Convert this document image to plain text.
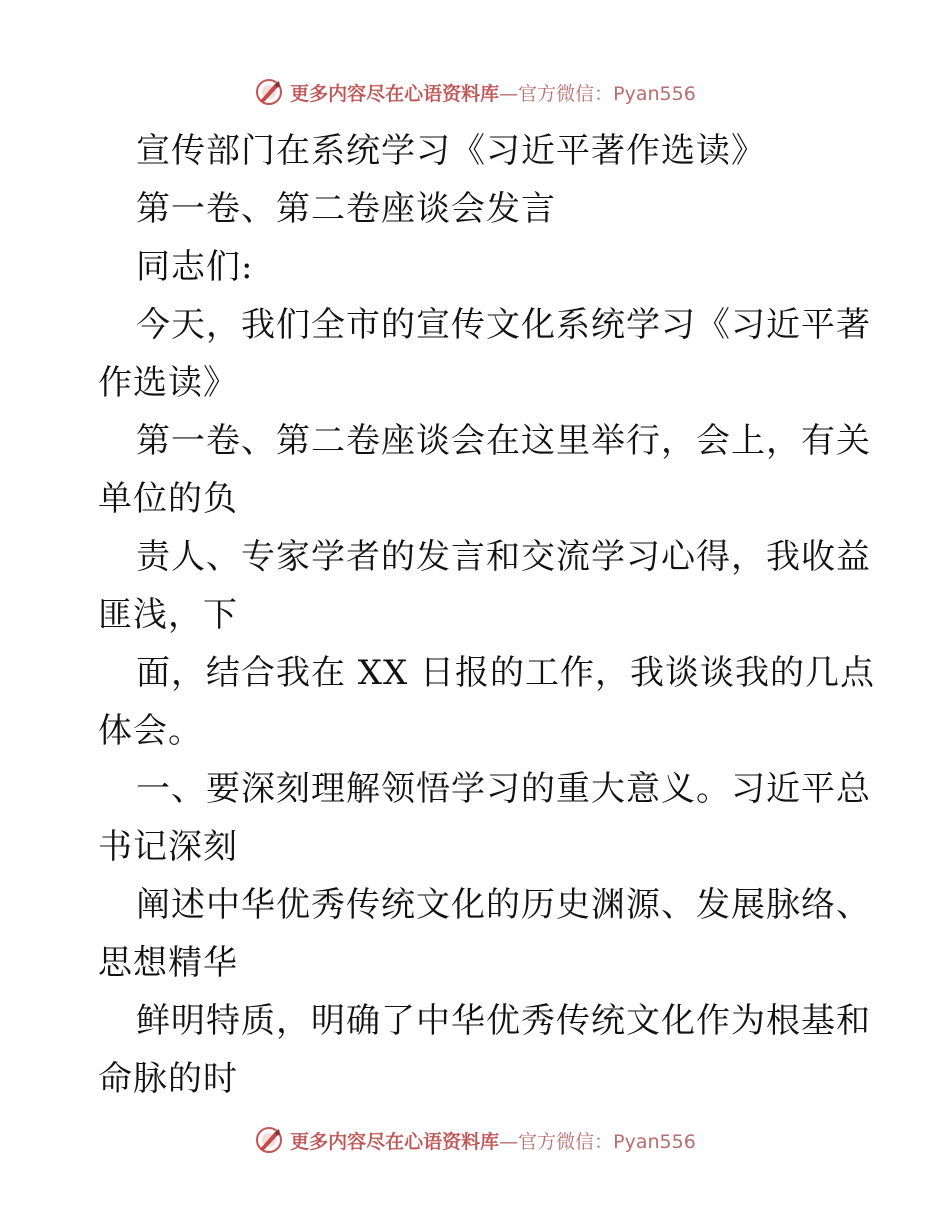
更多内容尽在心语资料库—官方微信：Pyan556
宣传部门在系统学习《习近平著作选读》
第一卷、第二卷座谈会发言
同志们:
今天，我们全市的宣传文化系统学习《习近平著
作选读》
第一卷、第二卷座谈会在这里举行，会上，有关
单位的负
责人、专家学者的发言和交流学习心得，我收益
匪浅，下
面，结合我在 XX 日报的工作，我谈谈我的几点
体会。
一、要深刻理解领悟学习的重大意义。习近平总
书记深刻
阐述中华优秀传统文化的历史渊源、发展脉络、
思想精华
鲜明特质，明确了中华优秀传统文化作为根基和
命脉的时
更多内容尽在心语资料库—官方微信：Pyan556
